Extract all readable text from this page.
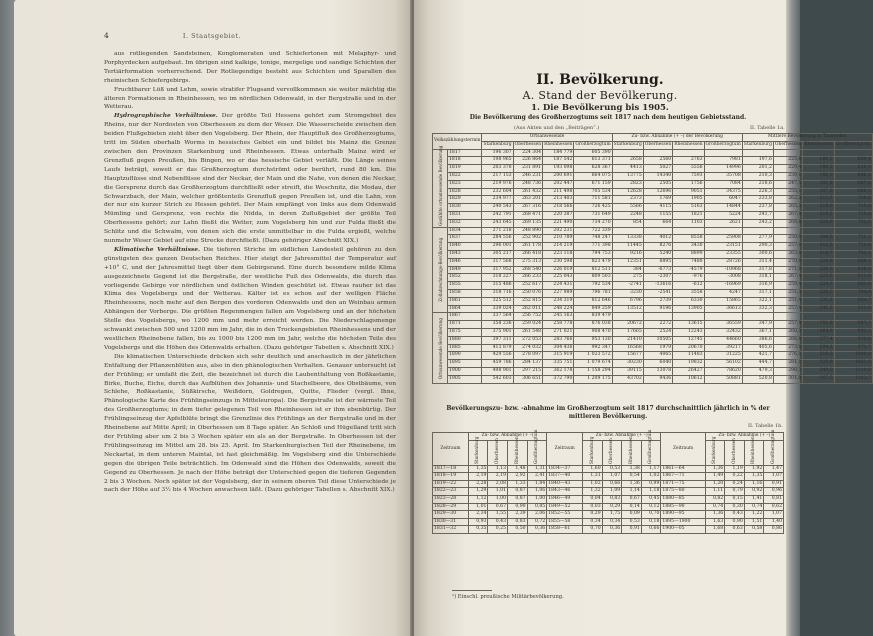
4	I. Staatsgebiet.

aus rotliegenden Sandsteinen, Konglomeraten und Schiefertonen mit Melaphyr- und Porphyrdecken aufgebaut. Im übrigen sind kalkige, tonige, mergelige und sandige Schichten der Tertiärformation vorherrschend. Der Rotliegendige besteht aus Schichten und Sparallen des rheinischen Schiefergebirgs.

Fruchtbarer Löß und Lehm, sowie stratifer Flugsand vervollkommnen sie weiter mächtig die älteren Formationen in Rheinhessen, wo im nördlichen Odenwald, in der Bergstraße und in der Wetterau.

Hydrographische Verhältnisse. Der größte Teil Hessens gehört zum Stromgebiet des Rheins, nur der Nordosten von Oberhessen zu dem der Weser. Die Wasserscheide zwischen den beiden Flußgebieten zieht über den Vogelsberg. Der Rhein, der Hauptfluß des Großherzogtums, tritt im Süden oberhalb Worms in hessisches Gebiet ein und bildet bis Mainz die Grenze zwischen den Provinzen Starkenburg und Rheinhessen. Etwas unterhalb Mainz wird er Grenzfluß gegen Preußen, bis Bingen, wo er das hessische Gebiet verläßt. Die Länge seines Laufs beträgt, soweit er das Großherzogtum durchströmt oder berührt, rund 80 km. Die Hauptzuflüsse sind Nebenflüsse sind der Neckar, der Main und die Nahe, von denen die Neckar, die Gersprenz durch das Großherzogtum durchfließt oder streift, die Weschnitz, die Modau, der Schwarzbach, der Main, welcher größtenteils Grenzfluß gegen Preußen ist, und die Lahn, von der nur ein kurzer Strich zu Hessen gehört. Der Main empfängt von links aus dem Odenwald Mümling und Gersprenz, von rechts die Nidda, in deren Zuflußgebiet der größte Teil Oberhessens gehört; zur Lahn fließt die Wetter, zum Vogelsberg hin und zur Fulda fließt die Schlitz und die Schwalm, von denen sich die erste unmittelbar in die Fulda ergießt, welche nunmehr Weser Gebiet auf eine Strecke durchfließt. (Dazu gehöriger Abschnitt XIX.)

Klimatische Verhältnisse. Die tieferen Striche im südlichen Landesteil gehören zu den günstigsten des ganzen Deutschen Reiches. Hier steigt der Jahresmittel der Temperatur auf +10° C, und der Jahresmittel liegt über dem Gebirgsrand. Eine durch besondere milde Klima ausgezeichnete Gegend ist die Bergstraße, der westliche Fuß des Odenwalds, die durch das vorliegende Gebirge vor nördlichen und östlichen Winden geschützt ist. Etwas rauher ist das Klima des Vogelsbergs und der Wetterau. Kälter ist es schon auf der welligen Fläche Rheinhessens, noch mehr auf den Bergen des vorderen Odenwalds und den an Weinbau armen Abhängen der Vorberge. Die größten Regenmengen fallen am Vogelsberg und an der höchsten Stelle des Vogelsbergs, wo 1200 mm und mehr erreicht werden. Die Niederschlagsmenge schwankt zwischen 500 und 1200 mm im Jahr, die in den Trockengebieten Rheinhessens und der westlichen Rheinebene fallen, bis zu 1000 bis 1200 mm im Jahr, welche die höchsten Teile des Vogelsbergs und die Höhen des Odenwalds erhalten. (Dazu gehöriger Tabellen s. Abschnitt XIX.)

Die klimatischen Unterschiede drücken sich sehr deutlich und anschaulich in der jährlichen Entfaltung der Pflanzenblüten aus, also in den phänologischen Verhalten. Genauer untersucht ist der Frühling; er umfaßt die Zeit, die bezeichnet ist durch die Laubentfaltung von Roßkastanie, Birke, Buche, Eiche, durch das Aufblühen des Johannis- und Stachelbeere, des Obstbäume, von Schlehe, Roßkastanie, Süßkirsche, Weißdorn, Goldregen, Quitte, Flieder (vergl. Ihne, Phänologische Karte des Frühlingseinzugs in Mitteleuropa). Die Bergstraße ist der wärmste Teil des Großherzogtums; in dem tiefer gelegenen Teil von Rheinhessen ist er ihm ebenbürtig. Der Frühlingseinzug der Apfelblüte bringt die Grenzlinie des Frühlings an der Bergstraße und in der Rheinebene auf Mitte April; in Oberhessen um 8 Tage später. An Schloß und Hügelland tritt sich der Frühling aber um 2 bis 3 Wochen später ein als an der Bergstraße. In Oberhessen ist der Frühlingseinzug im Mittel am 28. bis 25. April. Im Starkenburgischen Teil der Rheinebene, im Neckartal, in dem unteren Maintal, ist fast gleichmäßig. Im Vogelsberg sind die Unterschiede gegen die übrigen Teile beträchtlich. Im Odenwald sind die Höhen des Odenwalds, soweit die Gegend zu Oberhessen. Je nach der Höhe beträgt der Unterschied gegen die tieferen Gegenden 2 bis 3 Wochen. Noch später ist der Vogelsberg, der in seinem oberen Teil diese Unterschiede je nach der Höhe auf 3½ bis 4 Wochen anwachsen läßt. (Dazu gehöriger Tabellen s. Abschnitt XIX.)

II. Bevölkerung.
A. Stand der Bevölkerung.
1. Die Bevölkerung bis 1905.
Die Bevölkerung des Großherzogtums seit 1817 nach dem heutigen Gebietsstand.
(Aus Akten und den „Beiträgen“.)	II. Tabelle 1a.
Volkszählungstermin		Ortsanwesende				Zu- bzw. Abnahme (+ –) der Bevölkerung				Mittlere Bevölkerung in Tausenden			
		Starkenburg	Oberhessen	Rheinhessen	Großherzogtum	Starkenburg	Oberhessen	Rheinhessen	Großherzogtum	Starkenburg	Oberhessen	Rheinhessen	Großherzogtum
Gezählte ortsanwesende Bevölkerung	1817	196 307	224 304	184 779	605 390								
	1818	198 965	226 864	187 542	613 371	2658	2560	2763	7981	197,6	225,6	186,2	609,4
	1819	203 378	231 891	193 098	628 367	4413	5027	5556	14996	201,2	229,4	190,3	620,9
	1822	217 153	246 231	200 691	664 075	13775	14340	7593	35708	210,3	239,1	196,9	646,2
	1823	219 976	248 736	202 447	671 159	2823	2505	1756	7084	218,6	247,5	201,6	667,6
	1828	232 604	261 432	211 498	705 534	12628	12696	9051	34375	226,3	255,1	207,0	688,3
	1829	234 977	263 201	213 403	711 581	2373	1769	1905	6047	233,8	262,3	212,5	708,6
	1830	240 543	267 316	218 566	726 425	5566	4115	5163	14844	237,8	265,3	216,0	719,0
	1831	242 791	268 471	220 387	731 649	2248	1155	1821	5224	241,7	267,9	219,5	729,0
	1832	243 645	269 135	221 490	734 270	854	664	1103	2621	243,2	268,8	220,9	732,9
Zollabrechnungs-Bevölkerung	1834	271 218	248 890	202 231	722 339								
	1837	284 556	252 902	210 789	748 247	13338	4012	8558	25908	277,9	250,9	206,5	735,3
	1840	296 001	261 178	214 219	771 398	11445	8276	3430	23151	290,3	257,0	212,5	759,8
	1843	305 217	266 418	223 118	794 753	9216	5240	8899	23355	300,6	263,8	218,7	783,1
	1846	317 568	275 313	230 598	823 479	12351	8895	7480	28726	311,4	270,9	226,9	809,1
	1849	317 952	268 540	226 019	812 511	384	-6773	-4579	-10968	317,8	271,9	228,3	818,0
	1852	318 227	266 233	225 043	809 503	275	-2307	-976	-3008	318,1	267,4	225,5	811,0
	1855	315 486	252 617	224 431	792 534	-2741	-13616	-612	-16969	316,9	259,4	224,7	801,0
	1858	318 716	250 076	227 989	796 781	3230	-2541	3558	4247	317,1	251,3	226,2	794,6
	1861	325 512	252 815	234 319	812 646	6796	2739	6330	15865	322,1	251,4	231,2	804,7
	1864	339 024	262 011	248 224	849 259	13512	9196	13905	36613	332,3	257,4	241,3	831,0
Ortsanwesende Bevölkerung	1867	337 564	256 752	245 163	839 479								
	1871	358 236	259 024	258 778	876 038	20672	2272	13615	36559	347,9	257,9	251,9	857,7
	1875	375 901	261 548	271 021	908 470	17665	2524	12243	32432	367,1	260,3	264,9	892,3
	1880	397 311	272 053	283 766	953 130	21410	10505	12745	44660	386,6	266,8	277,4	930,8
	1885	413 879	274 032	304 436	992 347	16568	1979	20670	39217	405,6	273,0	294,1	972,7
	1890	429 556	278 097	315 919	1 023 572	15677	4065	11483	31225	421,7	276,1	310,2	1008,0
	1895	459 786	284 137	335 751	1 079 674	30230	6040	19832	56102	444,7	281,1	325,8	1051,6
	1900	498 901	297 215	362 178	1 158 294	39115	13078	26427	78620	479,3	290,7	349,0	1119,0
	1905	542 603	306 651	372 790	1 209 175	43702	9436	10612	50881	520,8	301,9	367,5	1183,7
Bevölkerungszu- bzw. -abnahme im Großherzogtum seit 1817 durchschnittlich jährlich in % der mittleren Bevölkerung.
II. Tabelle 1b.
Zeitraum	Zu- bzw. Abnahme (+ –)				Zeitraum	Zu- bzw. Abnahme (+ –)				Zeitraum	Zu- bzw. Abnahme (+ –)			
	Starkenburg	Oberhessen	Rheinhessen	Großherzogtum		Starkenburg	Oberhessen	Rheinhessen	Großherzogtum		Starkenburg	Oberhessen	Rheinhessen	Großherzogtum
1817—18	1,35	1,13	1,48	1,31	1834—37	1,60	0,53	1,38	1,17	1861—64	1,36	1,19	1,92	1,47
1818—19	2,19	2,19	2,92	2,41	1837—40	1,31	1,07	0,54	1,02	1867—71	1,49	0,22	1,35	1,07
1819—22	2,28	2,08	1,33	1,84	1840—43	1,02	0,66	1,36	0,99	1871—75	1,20	0,24	1,16	0,91
1822—23	1,29	1,01	0,87	1,06	1843—46	1,32	1,09	1,14	1,18	1875—80	1,11	0,79	0,92	0,96
1823—28	1,12	1,00	0,87	1,00	1846—49	0,04	0,83	0,67	0,45	1880—85	0,82	0,15	1,41	0,81
1828—29	1,01	0,67	0,90	0,85	1849—52	0,03	0,29	0,14	0,12	1885—90	0,74	0,30	0,74	0,62
1829—30	2,34	1,55	2,39	2,06	1852—55	0,29	1,75	0,09	0,70	1890—95	1,36	0,43	1,22	1,07
1830—31	0,93	0,43	0,83	0,72	1855—58	0,34	0,34	0,53	0,18	1895—1900	1,63	0,90	1,51	1,40
1831—32	0,35	0,25	0,50	0,36	1858—61	0,70	0,36	0,91	0,66	1900—05	1,68	0,63	0,58	0,86
¹) Einschl. preußische Militärbevölkerung.
